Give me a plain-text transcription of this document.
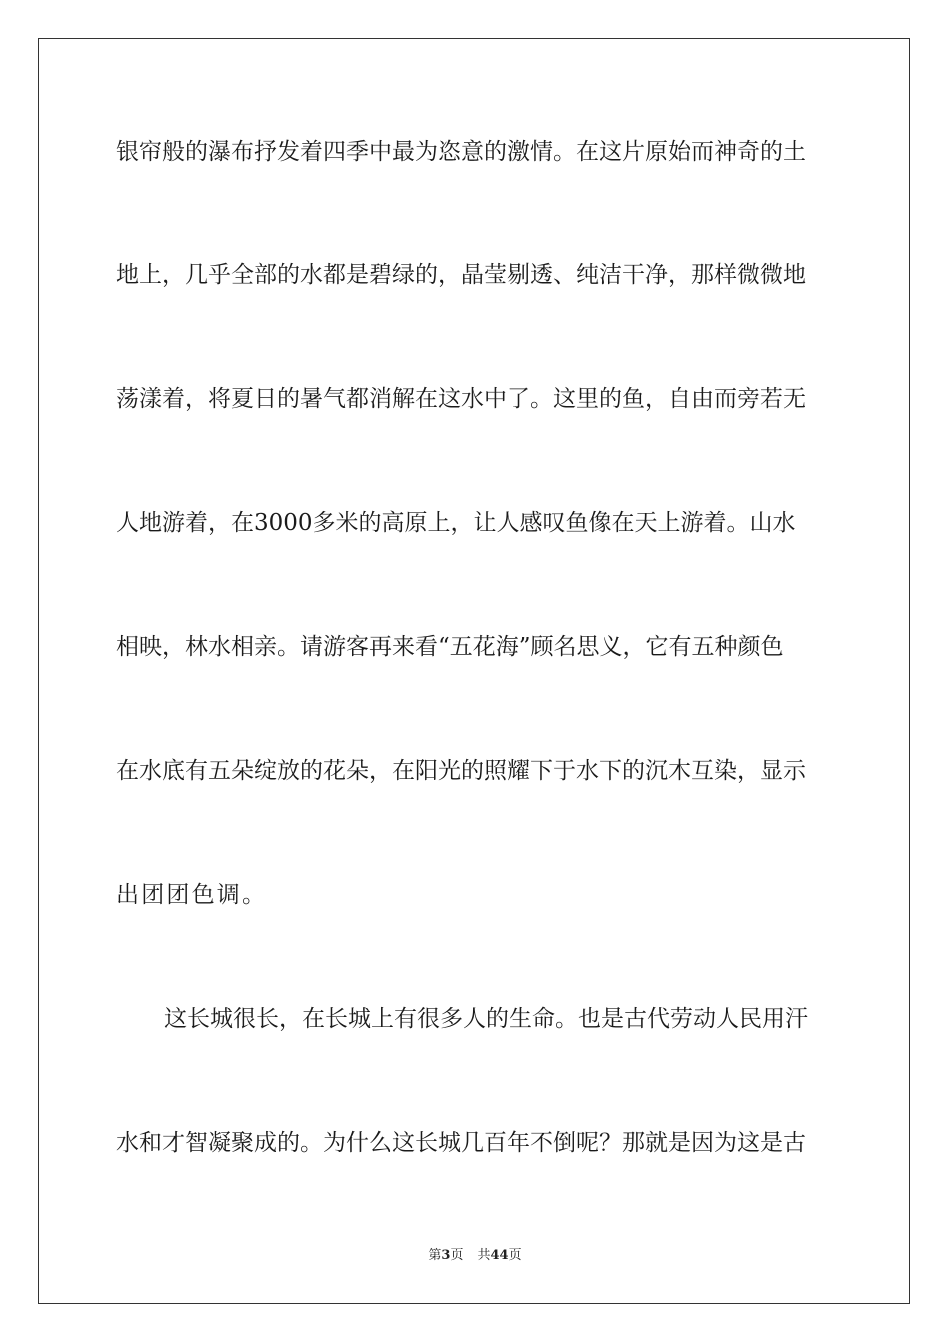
银帘般的瀑布抒发着四季中最为恣意的激情。在这片原始而神奇的土
地上，几乎全部的水都是碧绿的，晶莹剔透、纯洁干净，那样微微地
荡漾着，将夏日的暑气都消解在这水中了。这里的鱼，自由而旁若无
人地游着，在3000多米的高原上，让人感叹鱼像在天上游着。山水
相映，林水相亲。请游客再来看“五花海”顾名思义，它有五种颜色
在水底有五朵绽放的花朵，在阳光的照耀下于水下的沉木互染，显示
出团团色调。
这长城很长，在长城上有很多人的生命。也是古代劳动人民用汗
水和才智凝聚成的。为什么这长城几百年不倒呢？那就是因为这是古
第3页 共44页
